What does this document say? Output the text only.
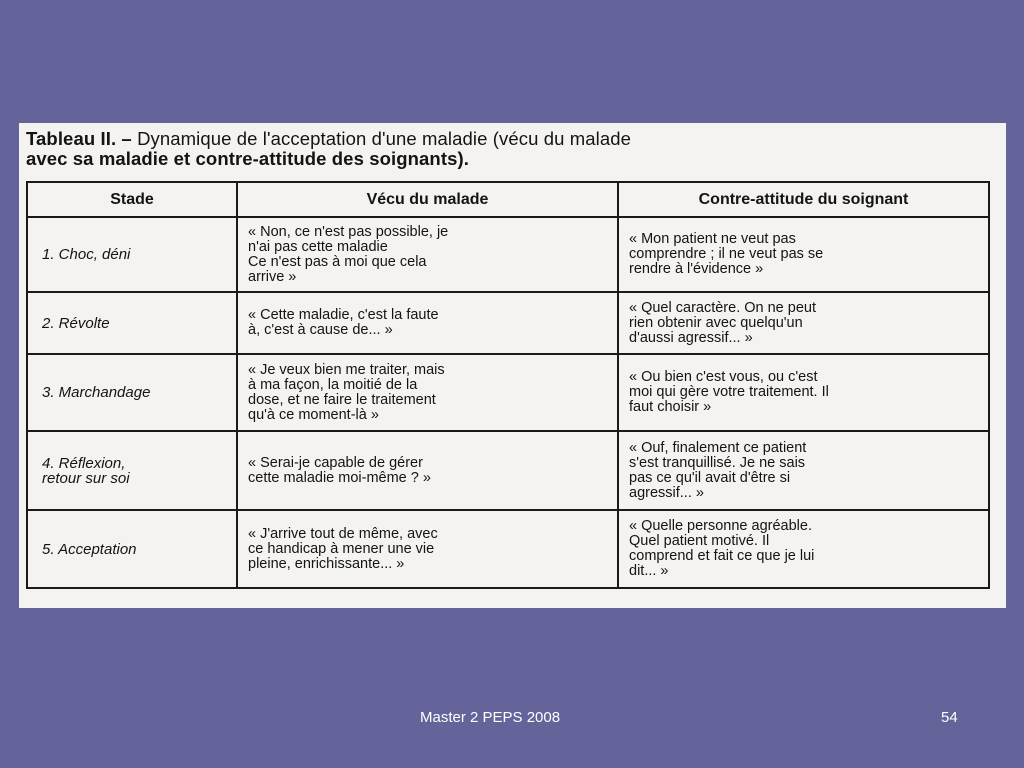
Tableau II. – Dynamique de l'acceptation d'une maladie (vécu du malade
avec sa maladie et contre-attitude des soignants).
Stade	Vécu du malade	Contre-attitude du soignant

1. Choc, déni	« Non, ce n'est pas possible, je
n'ai pas cette maladie
Ce n'est pas à moi que cela
arrive »	« Mon patient ne veut pas
comprendre ; il ne veut pas se
rendre à l'évidence »

2. Révolte	« Cette maladie, c'est la faute
à, c'est à cause de... »	« Quel caractère. On ne peut
rien obtenir avec quelqu'un
d'aussi agressif... »

3. Marchandage	« Je veux bien me traiter, mais
à ma façon, la moitié de la
dose, et ne faire le traitement
qu'à ce moment-là »	« Ou bien c'est vous, ou c'est
moi qui gère votre traitement. Il
faut choisir »

4. Réflexion,
retour sur soi	« Serai-je capable de gérer
cette maladie moi-même ? »	« Ouf, finalement ce patient
s'est tranquillisé. Je ne sais
pas ce qu'il avait d'être si
agressif... »

5. Acceptation	« J'arrive tout de même, avec
ce handicap à mener une vie
pleine, enrichissante... »	« Quelle personne agréable.
Quel patient motivé. Il
comprend et fait ce que je lui
dit... »
Master 2 PEPS 2008	54
